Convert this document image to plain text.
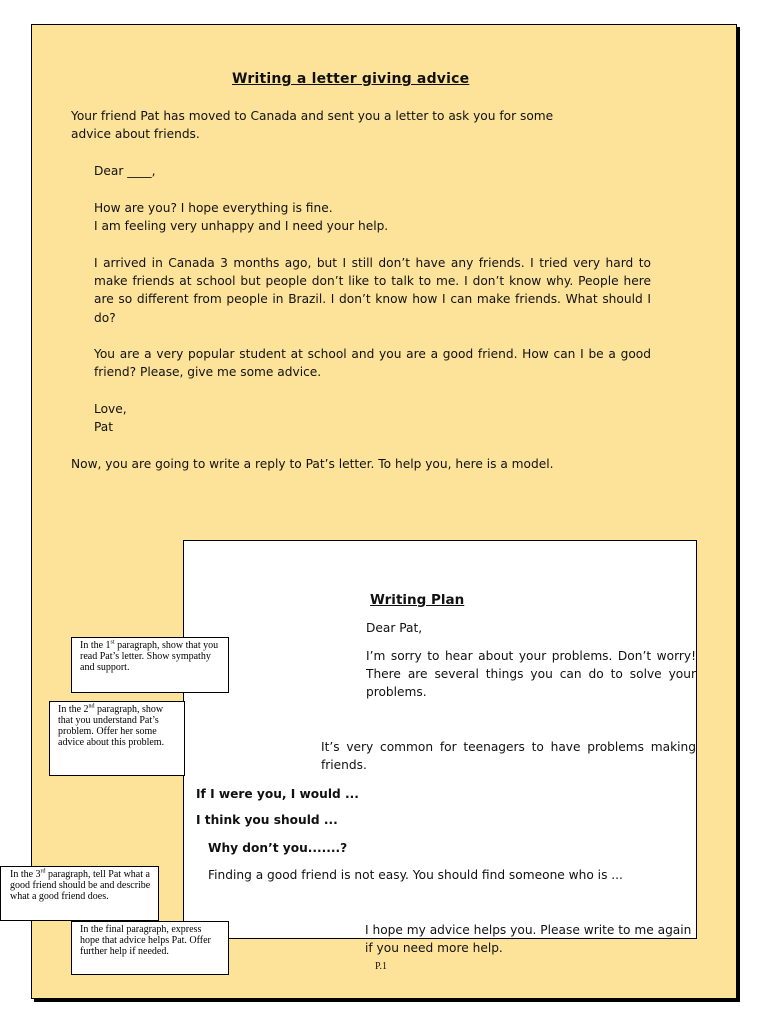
Writing a letter giving advice

Your friend Pat has moved to Canada and sent you a letter to ask you for some advice about friends.

Dear ____,

How are you? I hope everything is fine.

I am feeling very unhappy and I need your help.

I arrived in Canada 3 months ago, but I still don’t have any friends. I tried very hard to make friends at school but people don’t like to talk to me. I don’t know why. People here are so different from people in Brazil. I don’t know how I can make friends. What should I do?

You are a very popular student at school and you are a good friend. How can I be a good friend? Please, give me some advice.

Love,

Pat

Now, you are going to write a reply to Pat’s letter. To help you, here is a model.

Writing Plan

Dear Pat,

I’m sorry to hear about your problems. Don’t worry! There are several things you can do to solve your problems.

It’s very common for teenagers to have problems making friends.

If I were you, I would ...

I think you should ...

Why don’t you.......?

Finding a good friend is not easy. You should find someone who is ...

I hope my advice helps you. Please write to me again if you need more help.

In the 1st paragraph, show that you read Pat’s letter. Show sympathy and support.
In the 2nd paragraph, show that you understand Pat’s problem. Offer her some advice about this problem.
In the 3rd paragraph, tell Pat what a good friend should be and describe what a good friend does.
In the final paragraph, express hope that advice helps Pat. Offer further help if needed.
P.1
